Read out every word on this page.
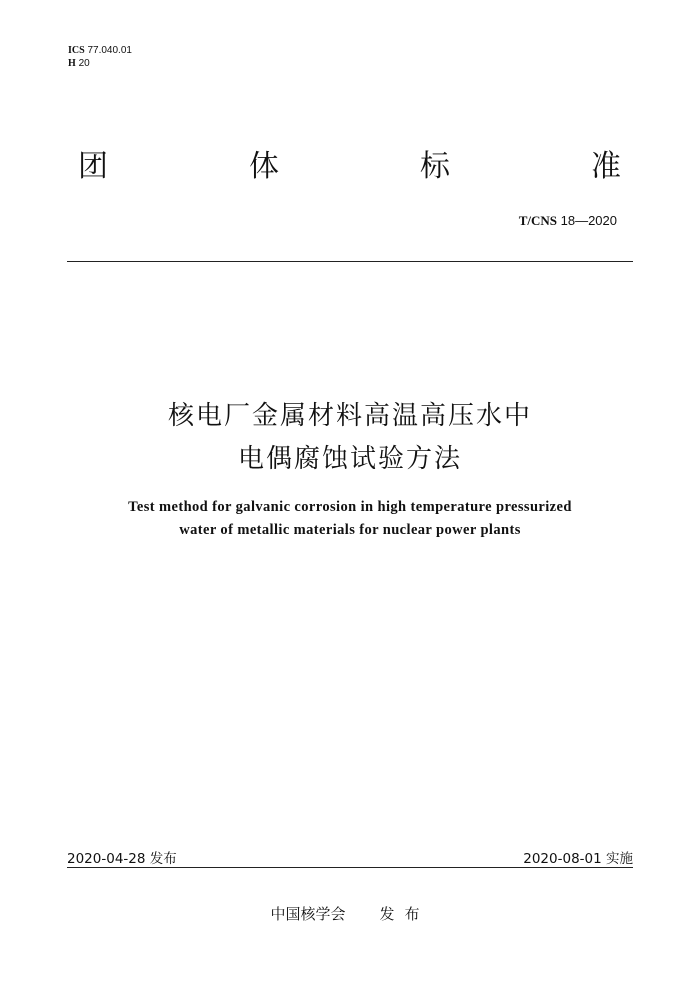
ICS 77.040.01
H 20
团	体	标	准
T/CNS 18—2020
核电厂金属材料高温高压水中
电偶腐蚀试验方法
Test method for galvanic corrosion in high temperature pressurized
water of metallic materials for nuclear power plants
2020-04-28 发布	2020-08-01 实施
中国核学会 发布
